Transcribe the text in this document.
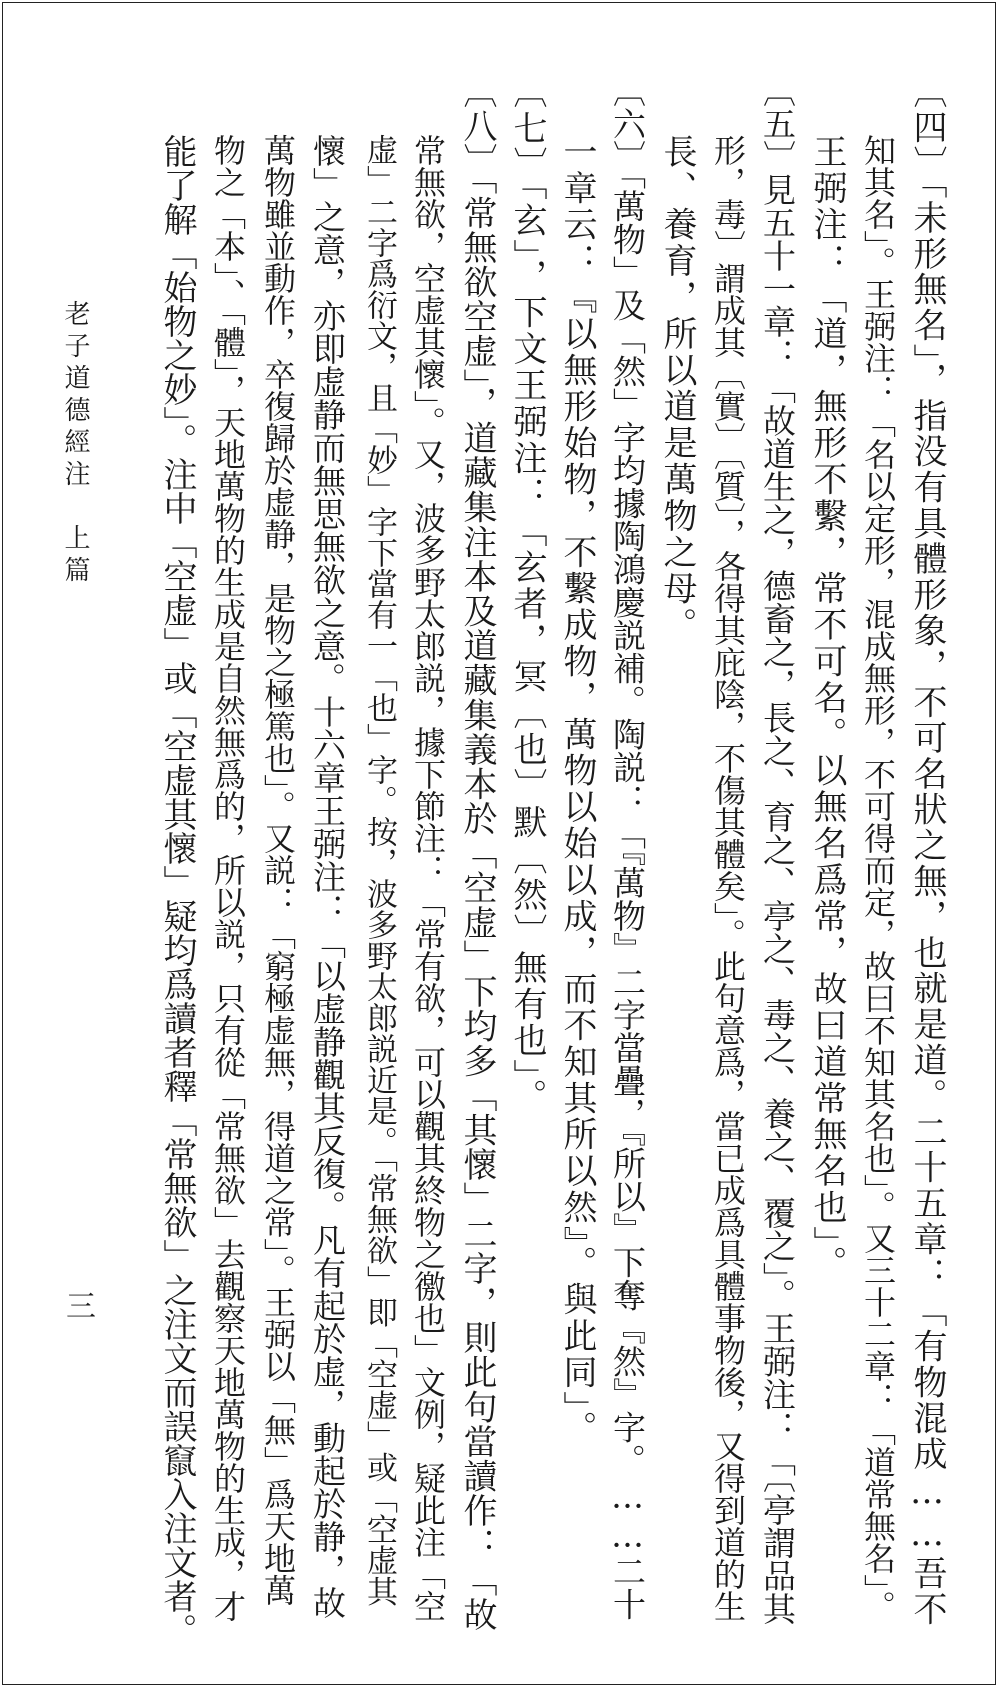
〔四〕「未形無名」，指没有具體形象，不可名狀之無，也就是道。二十五章：「有物混成……吾不
知其名」。王弼注：「名以定形，混成無形，不可得而定，故曰不知其名也」。又三十二章：「道常無名」。
王弼注：「道，無形不繫，常不可名。以無名爲常，故曰道常無名也」。
〔五〕見五十一章：「故道生之，德畜之，長之、育之、亭之、毒之、養之、覆之」。王弼注：「〔亭謂品其
形，毒〕謂成其〔實〕〔質〕，各得其庇陰，不傷其體矣」。此句意爲，當已成爲具體事物後，又得到道的生
長、養育，所以道是萬物之母。
〔六〕「萬物」及「然」字均據陶鴻慶説補。陶説：「『萬物』二字當疊，『所以』下奪『然』字。……二十
一章云：『以無形始物，不繫成物，萬物以始以成，而不知其所以然』。與此同」。
〔七〕「玄」，下文王弼注：「玄者，冥〔也〕默〔然〕無有也」。
〔八〕「常無欲空虚」，道藏集注本及道藏集義本於「空虚」下均多「其懷」二字，則此句當讀作：「故
常無欲，空虚其懷」。又，波多野太郎説，據下節注：「常有欲，可以觀其終物之徼也」文例，疑此注「空
虚」二字爲衍文，且「妙」字下當有一「也」字。按，波多野太郎説近是。「常無欲」即「空虚」或「空虚其
懷」之意，亦即虚静而無思無欲之意。十六章王弼注：「以虚静觀其反復。凡有起於虚，動起於静，故
萬物雖並動作，卒復歸於虚静，是物之極篤也」。又説：「窮極虚無，得道之常」。王弼以「無」爲天地萬
物之「本」、「體」，天地萬物的生成是自然無爲的，所以説，只有從「常無欲」去觀察天地萬物的生成，才
能了解「始物之妙」。注中「空虚」或「空虚其懷」疑均爲讀者釋「常無欲」之注文而誤竄入注文者。
老子道德經注　上篇
三
